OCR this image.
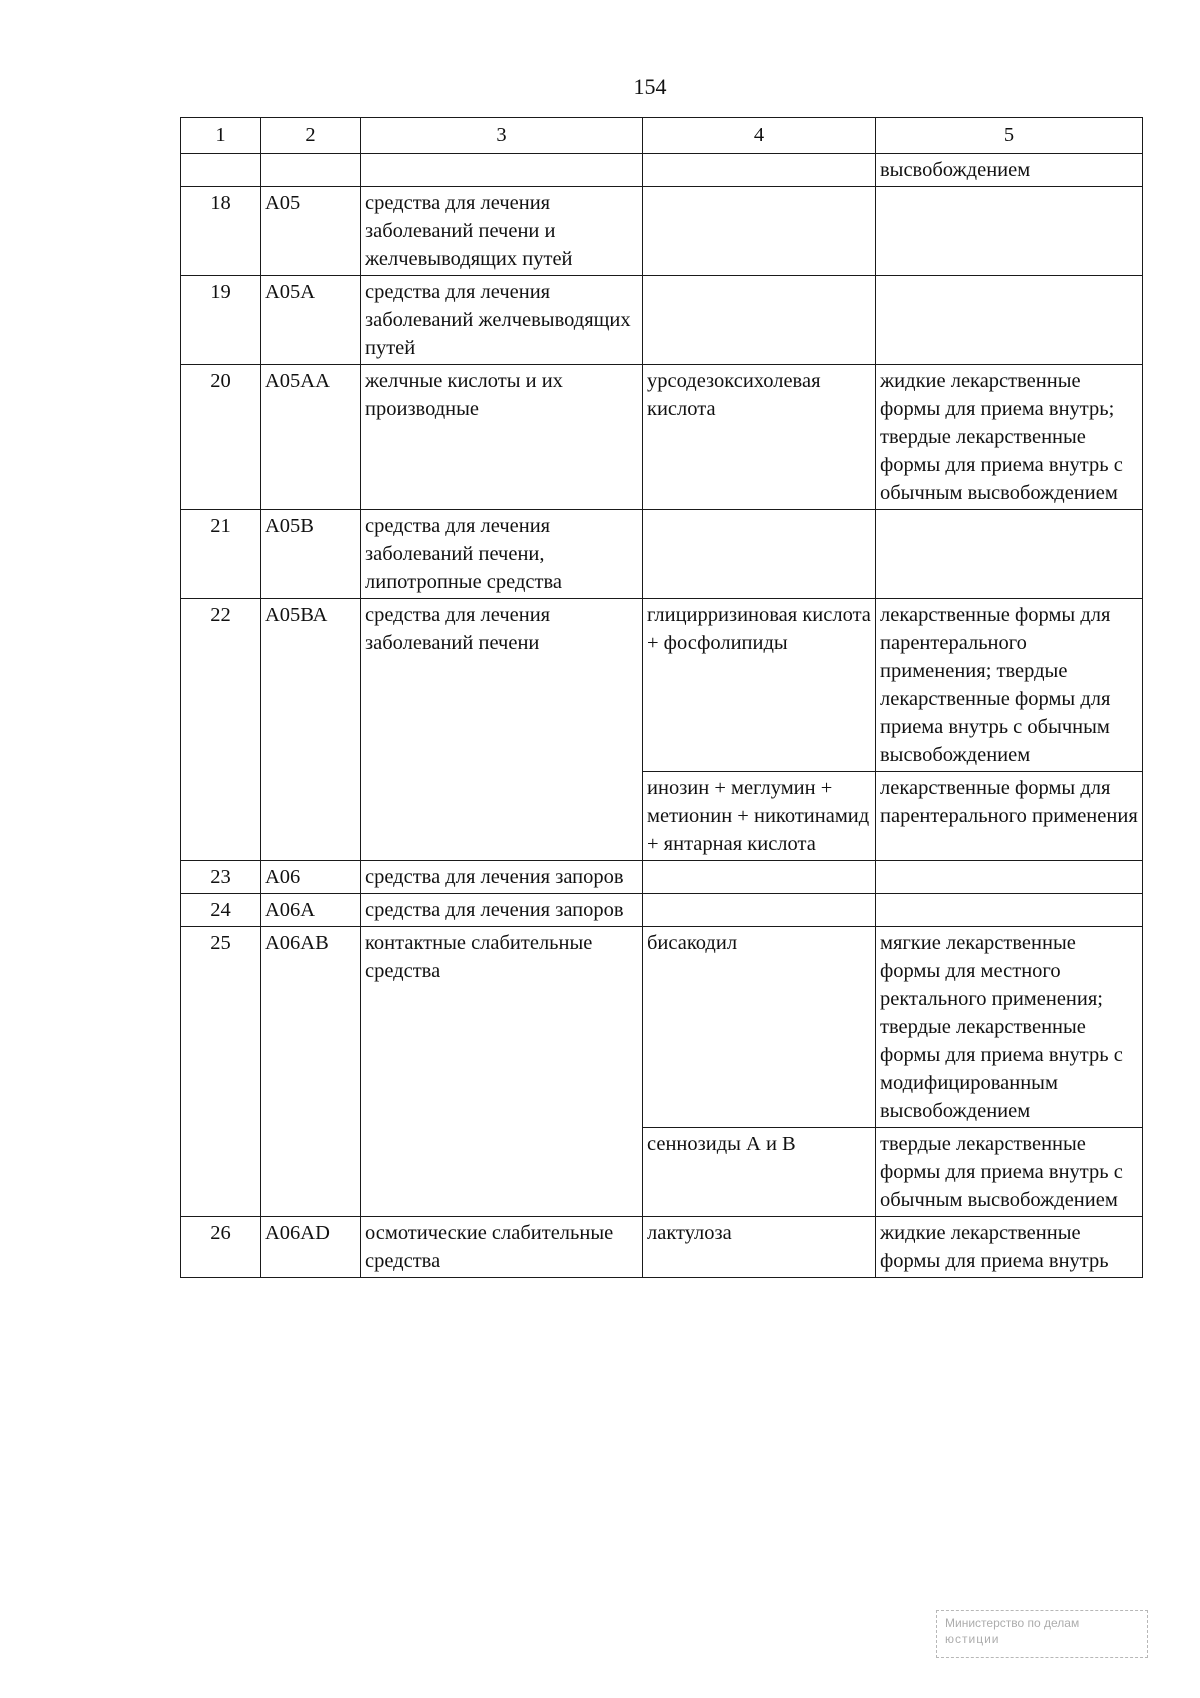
154
1	2	3	4	5
				высвобождением
18	А05	средства для лечения заболеваний печени и желчевыводящих путей		
19	А05А	средства для лечения заболеваний желчевыводящих путей		
20	А05АА	желчные кислоты и их производные	урсодезоксихолевая кислота	жидкие лекарственные формы для приема внутрь; твердые лекарственные формы для приема внутрь с обычным высвобождением
21	А05В	средства для лечения заболеваний печени, липотропные средства		
22	А05ВА	средства для лечения заболеваний печени	глицирризиновая кислота + фосфолипиды	лекарственные формы для парентерального применения; твердые лекарственные формы для приема внутрь с обычным высвобождением
			инозин + меглумин + метионин + никотинамид + янтарная кислота	лекарственные формы для парентерального применения
23	А06	средства для лечения запоров		
24	А06А	средства для лечения запоров		
25	А06АВ	контактные слабительные средства	бисакодил	мягкие лекарственные формы для местного ректального применения; твердые лекарственные формы для приема внутрь с модифицированным высвобождением
			сеннозиды А и В	твердые лекарственные формы для приема внутрь с обычным высвобождением
26	А06AD	осмотические слабительные средства	лактулоза	жидкие лекарственные формы для приема внутрь
Министерство по делам
юстиции
